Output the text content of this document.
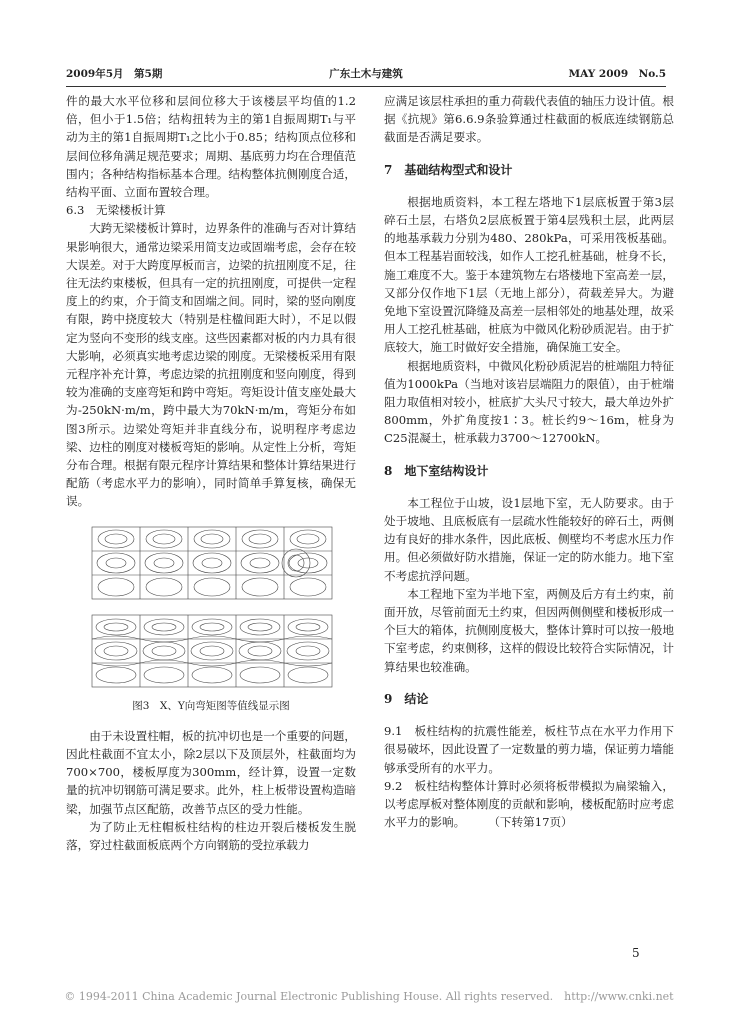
2009年5月　第5期	广东土木与建筑	MAY 2009　No.5

件的最大水平位移和层间位移大于该楼层平均值的1.2倍，但小于1.5倍；结构扭转为主的第1自振周期T₁与平动为主的第1自振周期T₁之比小于0.85；结构顶点位移和层间位移角满足规范要求；周期、基底剪力均在合理值范围内；各种结构指标基本合理。结构整体抗侧刚度合适，结构平面、立面布置较合理。

6.3　无梁楼板计算

大跨无梁楼板计算时，边界条件的准确与否对计算结果影响很大，通常边梁采用简支边或固端考虑，会存在较大误差。对于大跨度厚板而言，边梁的抗扭刚度不足，往往无法约束楼板，但具有一定的抗扭刚度，可提供一定程度上的约束，介于简支和固端之间。同时，梁的竖向刚度有限，跨中挠度较大（特别是柱楹间距大时），不足以假定为竖向不变形的线支座。这些因素都对板的内力具有很大影响，必须真实地考虑边梁的刚度。无梁楼板采用有限元程序补充计算，考虑边梁的抗扭刚度和竖向刚度，得到较为准确的支座弯矩和跨中弯矩。弯矩设计值支座处最大为-250kN·m/m，跨中最大为70kN·m/m，弯矩分布如图3所示。边梁处弯矩并非直线分布，说明程序考虑边梁、边柱的刚度对楼板弯矩的影响。从定性上分析，弯矩分布合理。根据有限元程序计算结果和整体计算结果进行配筋（考虑水平力的影响），同时简单手算复核，确保无误。

图3　X、Y向弯矩图等值线显示图

由于未设置柱帽，板的抗冲切也是一个重要的问题，因此柱截面不宜太小，除2层以下及顶层外，柱截面均为700×700，楼板厚度为300mm，经计算，设置一定数量的抗冲切钢筋可满足要求。此外，柱上板带设置构造暗梁，加强节点区配筋，改善节点区的受力性能。

为了防止无柱帽板柱结构的柱边开裂后楼板发生脱落，穿过柱截面板底两个方向钢筋的受拉承载力

应满足该层柱承担的重力荷载代表值的轴压力设计值。根据《抗规》第6.6.9条验算通过柱截面的板底连续钢筋总截面是否满足要求。

7　基础结构型式和设计

根据地质资料，本工程左塔地下1层底板置于第3层碎石土层，右塔负2层底板置于第4层残积土层，此两层的地基承载力分别为480、280kPa，可采用筏板基础。但本工程基岩面较浅，如作人工挖孔桩基础，桩身不长，施工难度不大。鉴于本建筑物左右塔楼地下室高差一层，又部分仅作地下1层（无地上部分），荷载差异大。为避免地下室设置沉降缝及高差一层相邻处的地基处理，故采用人工挖孔桩基础，桩底为中微风化粉砂质泥岩。由于扩底较大，施工时做好安全措施，确保施工安全。

根据地质资料，中微风化粉砂质泥岩的桩端阻力特征值为1000kPa（当地对该岩层端阻力的限值），由于桩端阻力取值相对较小，桩底扩大头尺寸较大，最大单边外扩800mm，外扩角度按1∶3。桩长约9～16m，桩身为C25混凝土，桩承载力3700～12700kN。

8　地下室结构设计

本工程位于山坡，设1层地下室，无人防要求。由于处于坡地、且底板底有一层疏水性能较好的碎石土，两侧边有良好的排水条件，因此底板、侧壁均不考虑水压力作用。但必须做好防水措施，保证一定的防水能力。地下室不考虑抗浮问题。

本工程地下室为半地下室，两侧及后方有土约束，前面开放，尽管前面无土约束，但因两侧侧壁和楼板形成一个巨大的箱体，抗侧刚度极大，整体计算时可以按一般地下室考虑，约束侧移，这样的假设比较符合实际情况，计算结果也较准确。

9　结论

9.1　板柱结构的抗震性能差，板柱节点在水平力作用下很易破坏，因此设置了一定数量的剪力墙，保证剪力墙能够承受所有的水平力。

9.2　板柱结构整体计算时必须将板带模拟为扁梁输入，以考虑厚板对整体刚度的贡献和影响，楼板配筋时应考虑水平力的影响。　　　（下转第17页）

5
© 1994-2011 China Academic Journal Electronic Publishing House. All rights reserved.　http://www.cnki.net
